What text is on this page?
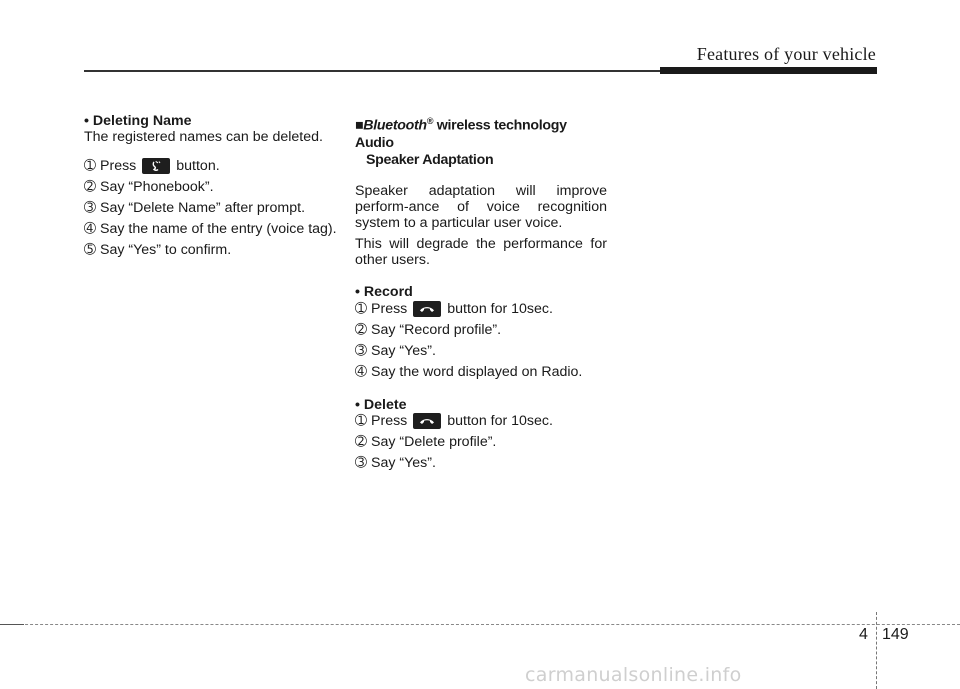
Features of your vehicle

• Deleting Name

The registered names can be deleted.

➀ Press	button.
➁ Say “Phonebook”.
➂ Say “Delete Name” after prompt.
➃ Say the name of the entry (voice tag).
➄ Say “Yes” to confirm.
■Bluetooth® wireless technology Audio
Speaker Adaptation

Speaker adaptation will improve perform-ance of voice recognition system to a particular user voice.

This will degrade the performance for other users.

• Record

➀ Press	button for 10sec.
➁ Say “Record profile”.
➂ Say “Yes”.
➃ Say the word displayed on Radio.

• Delete

➀ Press	button for 10sec.
➁ Say “Delete profile”.
➂ Say “Yes”.
4 149
carmanualsonline.info
